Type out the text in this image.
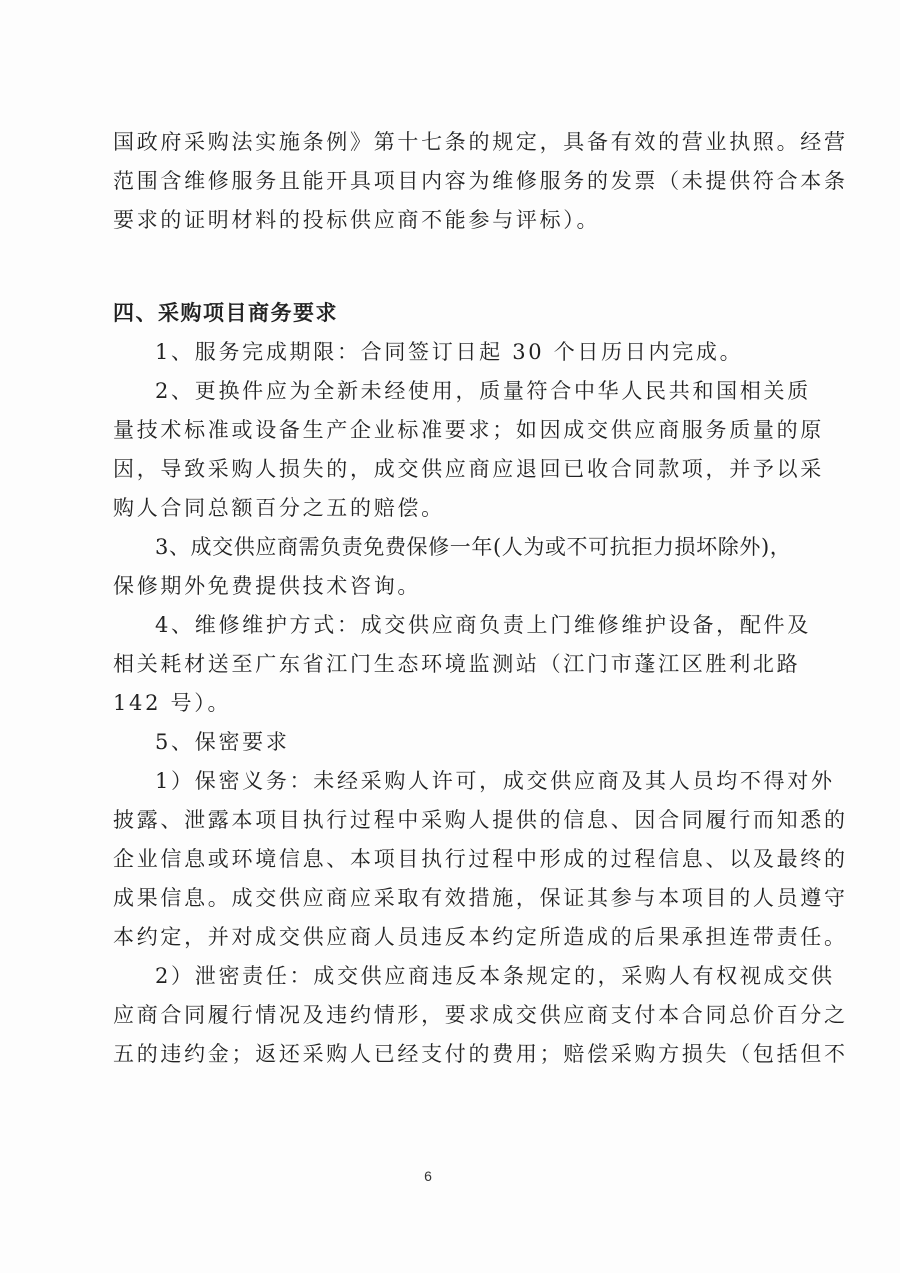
国政府采购法实施条例》第十七条的规定，具备有效的营业执照。经营
范围含维修服务且能开具项目内容为维修服务的发票（未提供符合本条
要求的证明材料的投标供应商不能参与评标）。
四、采购项目商务要求
1、服务完成期限：合同签订日起 30 个日历日内完成。
2、更换件应为全新未经使用，质量符合中华人民共和国相关质
量技术标准或设备生产企业标准要求；如因成交供应商服务质量的原
因，导致采购人损失的，成交供应商应退回已收合同款项，并予以采
购人合同总额百分之五的赔偿。
3、成交供应商需负责免费保修一年(人为或不可抗拒力损坏除外)，
保修期外免费提供技术咨询。
4、维修维护方式：成交供应商负责上门维修维护设备，配件及
相关耗材送至广东省江门生态环境监测站（江门市蓬江区胜利北路
142 号）。
5、保密要求
1）保密义务：未经采购人许可，成交供应商及其人员均不得对外
披露、泄露本项目执行过程中采购人提供的信息、因合同履行而知悉的
企业信息或环境信息、本项目执行过程中形成的过程信息、以及最终的
成果信息。成交供应商应采取有效措施，保证其参与本项目的人员遵守
本约定，并对成交供应商人员违反本约定所造成的后果承担连带责任。
2）泄密责任：成交供应商违反本条规定的，采购人有权视成交供
应商合同履行情况及违约情形，要求成交供应商支付本合同总价百分之
五的违约金；返还采购人已经支付的费用；赔偿采购方损失（包括但不
6
